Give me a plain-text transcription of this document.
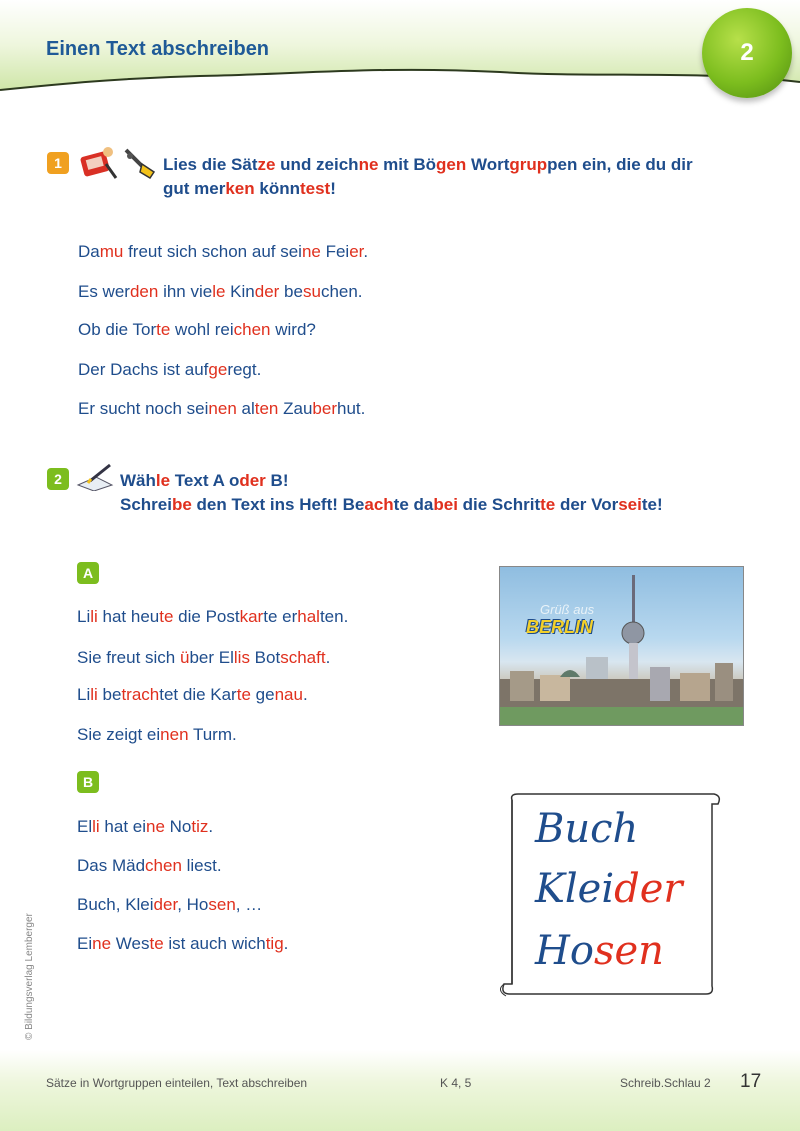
Einen Text abschreiben	2
1	Lies die Sätze und zeichne mit Bögen Wortgruppen ein, die du dir
gut merken könntest!
Damu freut sich schon auf seine Feier.
Es werden ihn viele Kinder besuchen.
Ob die Torte wohl reichen wird?
Der Dachs ist aufgeregt.
Er sucht noch seinen alten Zauberhut.
2	Wähle Text A oder B!
Schreibe den Text ins Heft! Beachte dabei die Schritte der Vorseite!
A
Lili hat heute die Postkarte erhalten.
Sie freut sich über Ellis Botschaft.
Lili betrachtet die Karte genau.
Sie zeigt einen Turm.
Grüß aus
BERLIN
B
Elli hat eine Notiz.
Das Mädchen liest.
Buch, Kleider, Hosen, …
Eine Weste ist auch wichtig.
Buch
Kleider
Hosen
Sätze in Wortgruppen einteilen, Text abschreiben	K 4, 5	Schreib.Schlau 2 17
© Bildungsverlag Lemberger
